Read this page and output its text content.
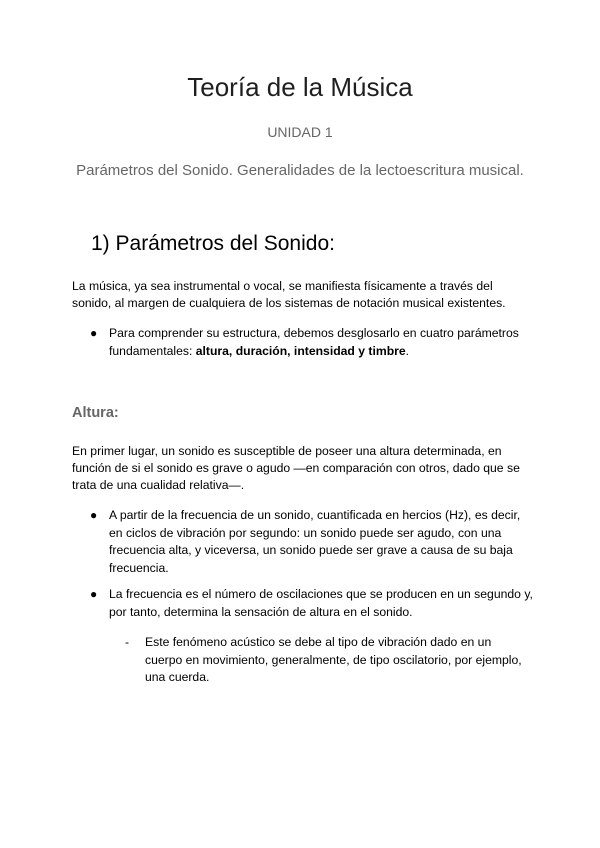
Teoría de la Música

UNIDAD 1

Parámetros del Sonido. Generalidades de la lectoescritura musical.

1) Parámetros del Sonido:

La música, ya sea instrumental o vocal, se manifiesta físicamente a través del sonido, al margen de cualquiera de los sistemas de notación musical existentes.

● Para comprender su estructura, debemos desglosarlo en cuatro parámetros fundamentales: altura, duración, intensidad y timbre.
Altura:

En primer lugar, un sonido es susceptible de poseer una altura determinada, en función de si el sonido es grave o agudo —en comparación con otros, dado que se trata de una cualidad relativa—.

● A partir de la frecuencia de un sonido, cuantificada en hercios (Hz), es decir, en ciclos de vibración por segundo: un sonido puede ser agudo, con una frecuencia alta, y viceversa, un sonido puede ser grave a causa de su baja frecuencia.
● La frecuencia es el número de oscilaciones que se producen en un segundo y, por tanto, determina la sensación de altura en el sonido.
- Este fenómeno acústico se debe al tipo de vibración dado en un cuerpo en movimiento, generalmente, de tipo oscilatorio, por ejemplo, una cuerda.
